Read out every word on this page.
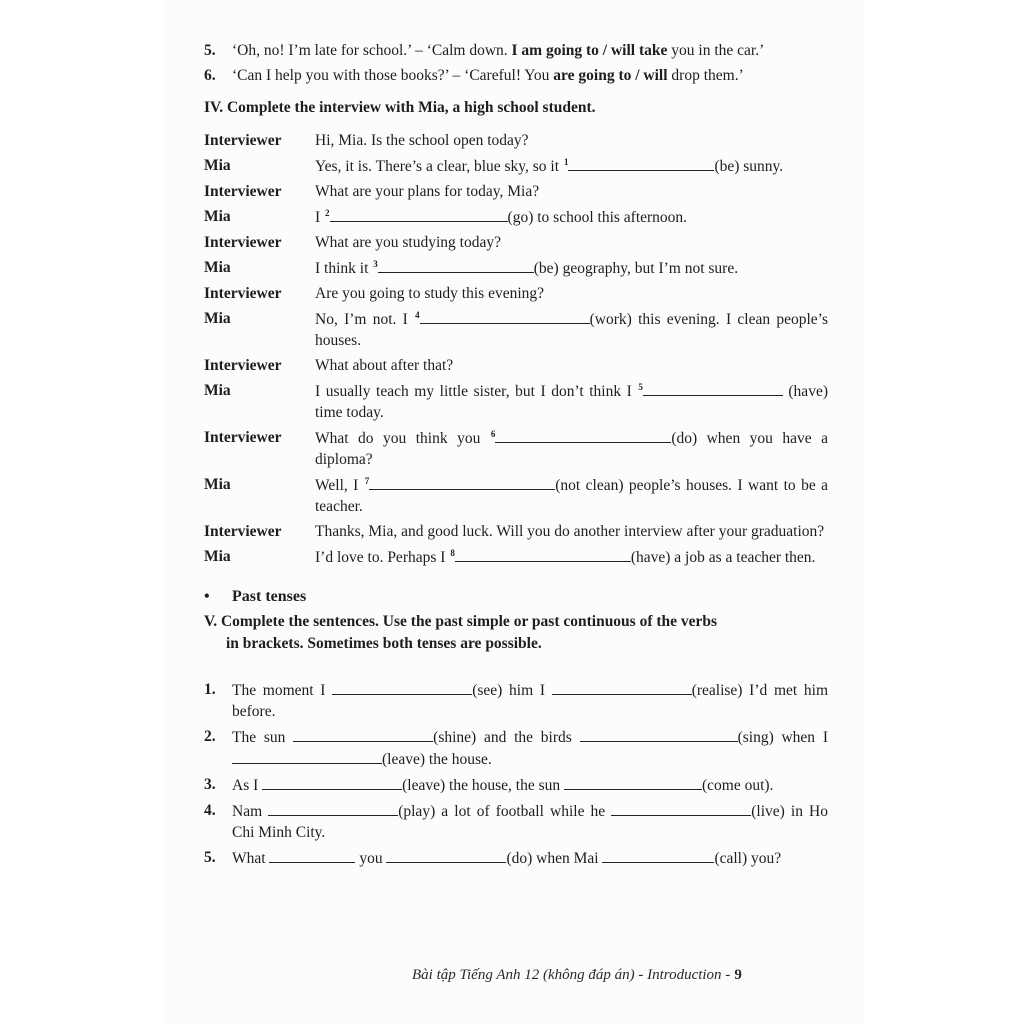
5.	‘Oh, no! I’m late for school.’ – ‘Calm down. I am going to / will take you in the car.’
6.	‘Can I help you with those books?’ – ‘Careful! You are going to / will drop them.’
IV. Complete the interview with Mia, a high school student.
Interviewer	Hi, Mia. Is the school open today?
Mia	Yes, it is. There’s a clear, blue sky, so it $^1$ (be) sunny.
Interviewer	What are your plans for today, Mia?
Mia	I $^2$ (go) to school this afternoon.
Interviewer	What are you studying today?
Mia	I think it $^3$ (be) geography, but I’m not sure.
Interviewer	Are you going to study this evening?
Mia	No, I’m not. I $^4$ (work) this evening. I clean people’s houses.
Interviewer	What about after that?
Mia	I usually teach my little sister, but I don’t think I $^5$ (have) time today.
Interviewer	What do you think you $^6$ (do) when you have a diploma?
Mia	Well, I $^7$ (not clean) people’s houses. I want to be a teacher.
Interviewer	Thanks, Mia, and good luck. Will you do another interview after your graduation?
Mia	I’d love to. Perhaps I $^8$ (have) a job as a teacher then.
•	Past tenses
V. Complete the sentences. Use the past simple or past continuous of the verbs
in brackets. Sometimes both tenses are possible.
1.	The moment I	(see) him I	(realise) I’d met him before.
2.	The sun	(shine) and the birds	(sing) when I (leave) the house.
3.	As I	(leave) the house, the sun	(come out).
4.	Nam	(play) a lot of football while he	(live) in Ho Chi Minh City.
5.	What	you	(do) when Mai	(call) you?
Bài tập Tiếng Anh 12 (không đáp án) - Introduction - 9
